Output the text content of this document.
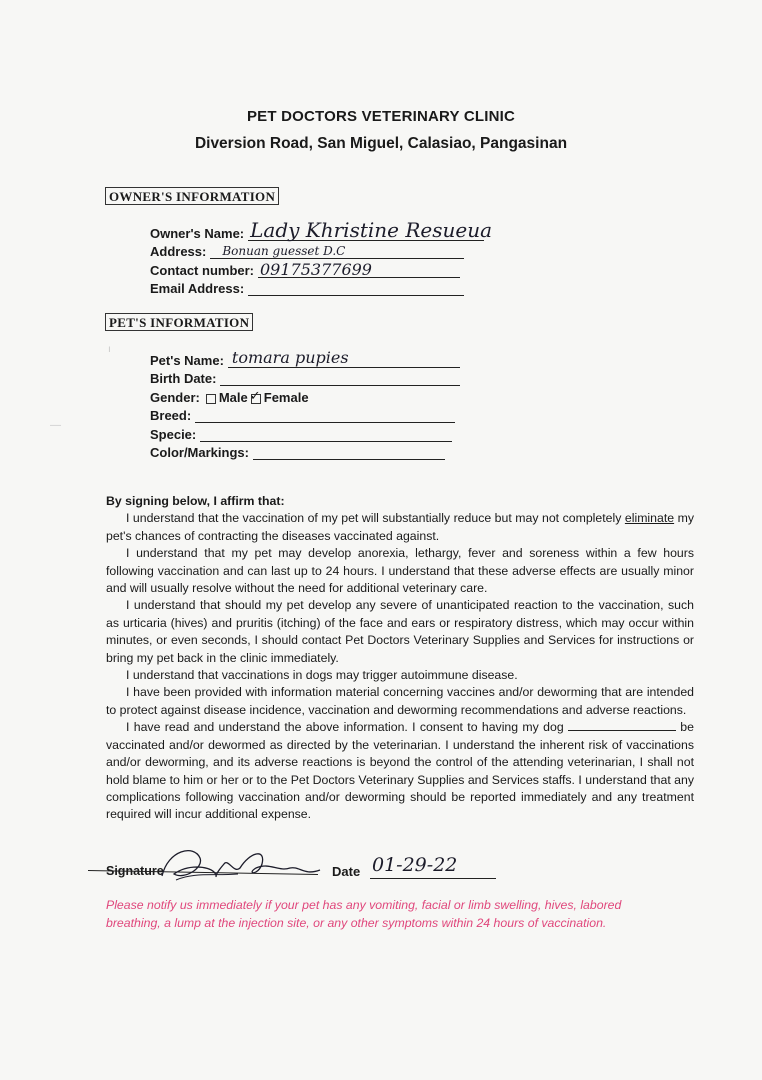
PET DOCTORS VETERINARY CLINIC
Diversion Road, San Miguel, Calasiao, Pangasinan
OWNER'S INFORMATION
Owner's Name: Lady Khristine Resueua
Address: Bonuan guesset D.C
Contact number: 09175377699
Email Address:
PET'S INFORMATION
Pet's Name: tomara pupies
Birth Date:
Gender: Male ✓ Female
Breed:
Specie:
Color/Markings:

By signing below, I affirm that:

I understand that the vaccination of my pet will substantially reduce but may not completely eliminate my pet's chances of contracting the diseases vaccinated against.

I understand that my pet may develop anorexia, lethargy, fever and soreness within a few hours following vaccination and can last up to 24 hours. I understand that these adverse effects are usually minor and will usually resolve without the need for additional veterinary care.

I understand that should my pet develop any severe of unanticipated reaction to the vaccination, such as urticaria (hives) and pruritis (itching) of the face and ears or respiratory distress, which may occur within minutes, or even seconds, I should contact Pet Doctors Veterinary Supplies and Services for instructions or bring my pet back in the clinic immediately.

I understand that vaccinations in dogs may trigger autoimmune disease.

I have been provided with information material concerning vaccines and/or deworming that are intended to protect against disease incidence, vaccination and deworming recommendations and adverse reactions.

I have read and understand the above information. I consent to having my dog	be vaccinated and/or dewormed as directed by the veterinarian. I understand the inherent risk of vaccinations and/or deworming, and its adverse reactions is beyond the control of the attending veterinarian, I shall not hold blame to him or her or to the Pet Doctors Veterinary Supplies and Services staffs. I understand that any complications following vaccination and/or deworming should be reported immediately and any treatment required will incur additional expense.

Signature	Date 01-29-22
Please notify us immediately if your pet has any vomiting, facial or limb swelling, hives, labored breathing, a lump at the injection site, or any other symptoms within 24 hours of vaccination.
ı
––
